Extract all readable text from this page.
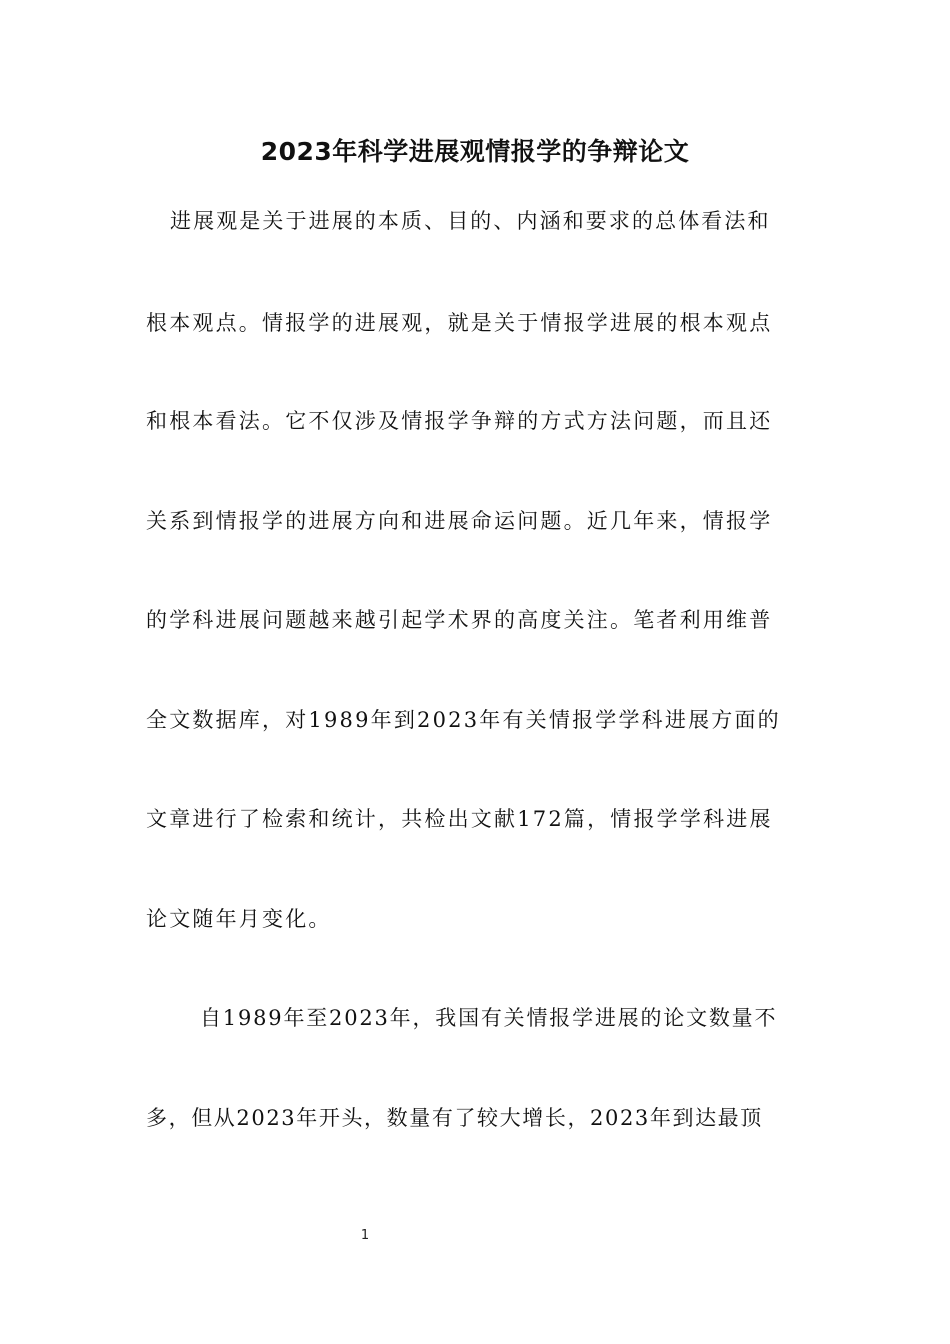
2023年科学进展观情报学的争辩论文
进展观是关于进展的本质、目的、内涵和要求的总体看法和
根本观点。情报学的进展观，就是关于情报学进展的根本观点
和根本看法。它不仅涉及情报学争辩的方式方法问题，而且还
关系到情报学的进展方向和进展命运问题。近几年来，情报学
的学科进展问题越来越引起学术界的高度关注。笔者利用维普
全文数据库，对1989年到2023年有关情报学学科进展方面的
文章进行了检索和统计，共检出文献172篇，情报学学科进展
论文随年月变化。
自1989年至2023年，我国有关情报学进展的论文数量不
多，但从2023年开头，数量有了较大增长，2023年到达最顶
1
